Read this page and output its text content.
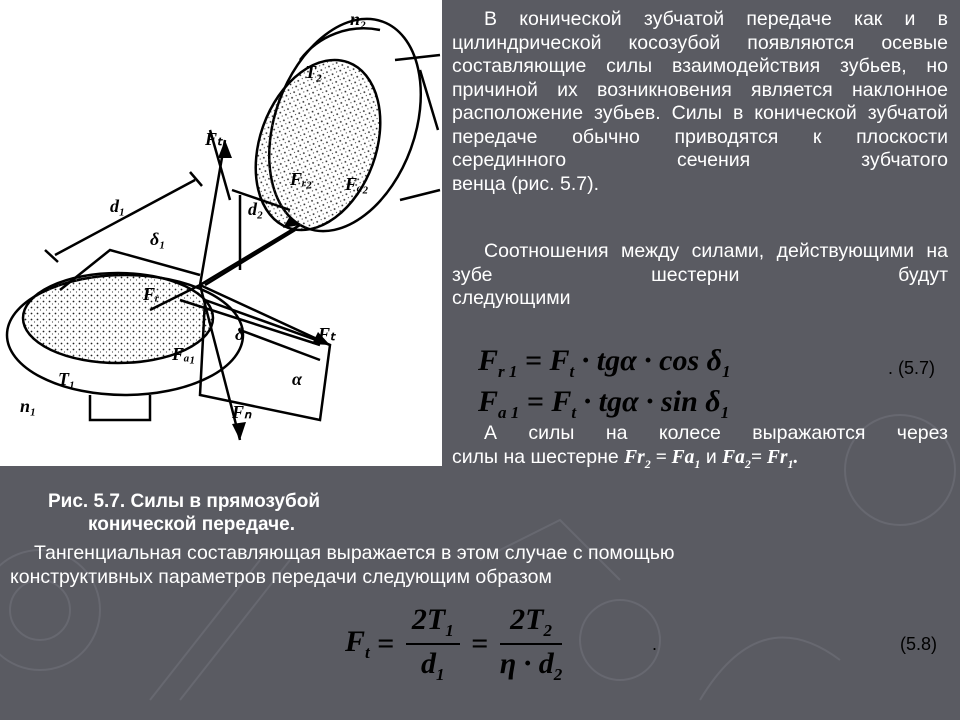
n₂
T₂
Fₜ
Fᵣ₂ Fₐ₂
d₂
d₁
δ₁
Fᵣ
Fₐ₁
Fₜ
Fₙ
T₁
n₁
δ
α

В конической зубчатой передаче как и в цилиндрической косозубой появляются осевые составляющие силы взаимодействия зубьев, но причиной их возникновения является наклонное расположение зубьев. Силы в конической зубчатой передаче обычно приводятся к плоскости серединного сечения зубчатого
венца (рис. 5.7).

Соотношения между силами, действующими на зубе шестерни будут
следующими

$F_{r 1} = F_t \cdot tg\alpha \cdot \cos \delta_1$
$F_{a 1} = F_t \cdot tg\alpha \cdot \sin \delta_1$
. (5.7)

А силы на колесе выражаются через
силы на шестерне $Fr_2 = Fa_1$ и $Fa_2= Fr_1$.

Рис. 5.7. Силы в прямозубой
конической передаче.

Тангенциальная составляющая выражается в этом случае с помощью
конструктивных параметров передачи следующим образом

$F_t = \frac{2T_1}{d_1} = \frac{2T_2}{\eta \cdot d_2}$	.	(5.8)
